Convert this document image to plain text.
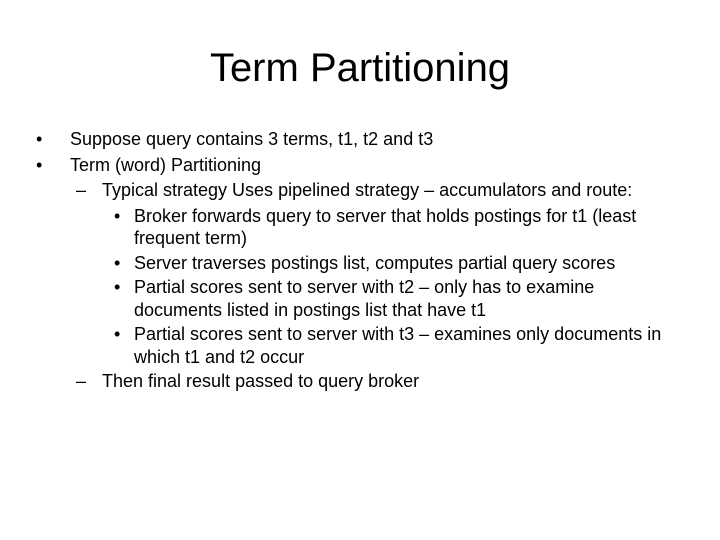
Term Partitioning
• Suppose query contains 3 terms, t1, t2 and t3
• Term (word) Partitioning
– Typical strategy Uses pipelined strategy – accumulators and route:
• Broker forwards query to server that holds postings for t1 (least frequent term)
• Server traverses postings list, computes partial query scores
• Partial scores sent to server with t2 – only has to examine documents listed in postings list that have t1
• Partial scores sent to server with t3 – examines only documents in which t1 and t2 occur
– Then final result passed to query broker
